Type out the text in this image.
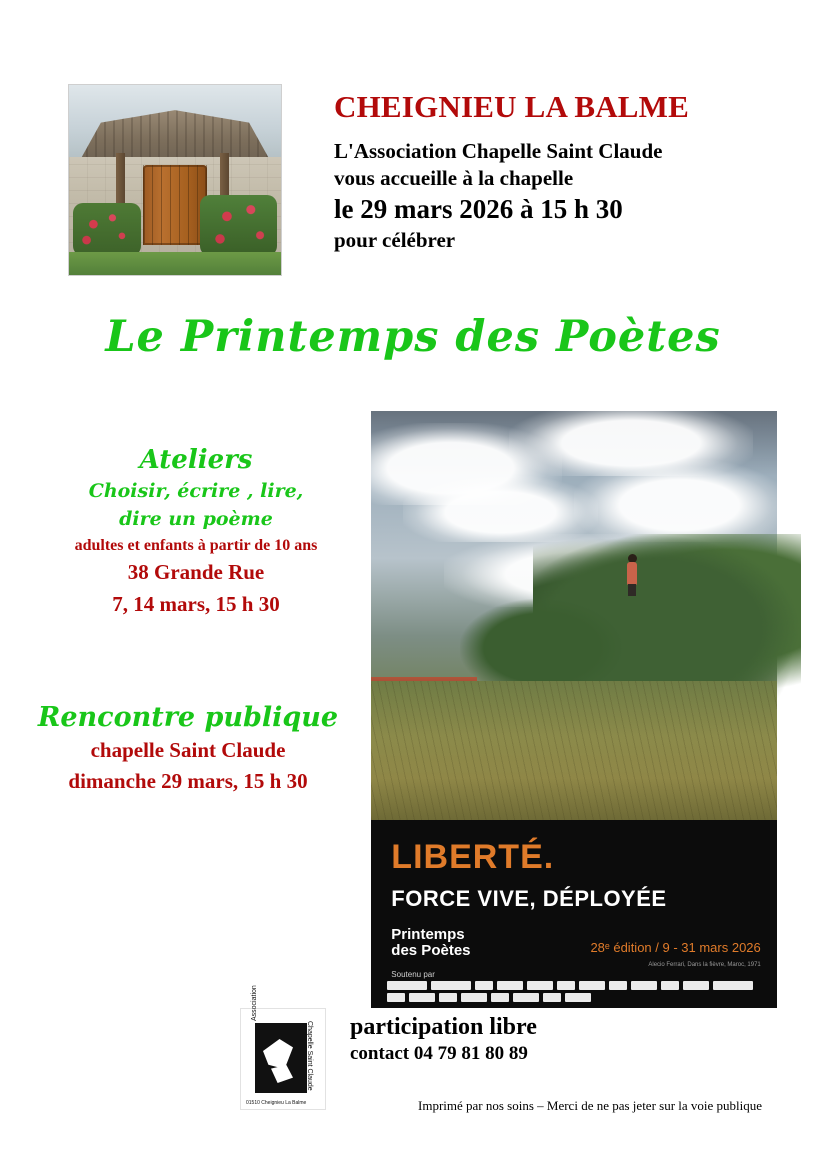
CHEIGNIEU LA BALME
L'Association Chapelle Saint Claude
vous accueille à la chapelle
le 29 mars 2026 à 15 h 30
pour célébrer
Le Printemps des Poètes
Ateliers
Choisir, écrire , lire,
dire un poème
adultes et enfants à partir de 10 ans
38 Grande Rue
7, 14 mars, 15 h 30
Rencontre publique
chapelle Saint Claude
dimanche 29 mars, 15 h 30
LIBERTÉ.
FORCE VIVE, DÉPLOYÉE
Printemps
des Poètes
Soutenu par
28ᵉ édition / 9 - 31 mars 2026
Alecio Ferrari, Dans la fièvre, Maroc, 1971
Association
Chapelle Saint Claude
01510 Cheignieu La Balme
participation libre
contact 04 79 81 80 89
Imprimé par nos soins – Merci de ne pas jeter sur la voie publique
